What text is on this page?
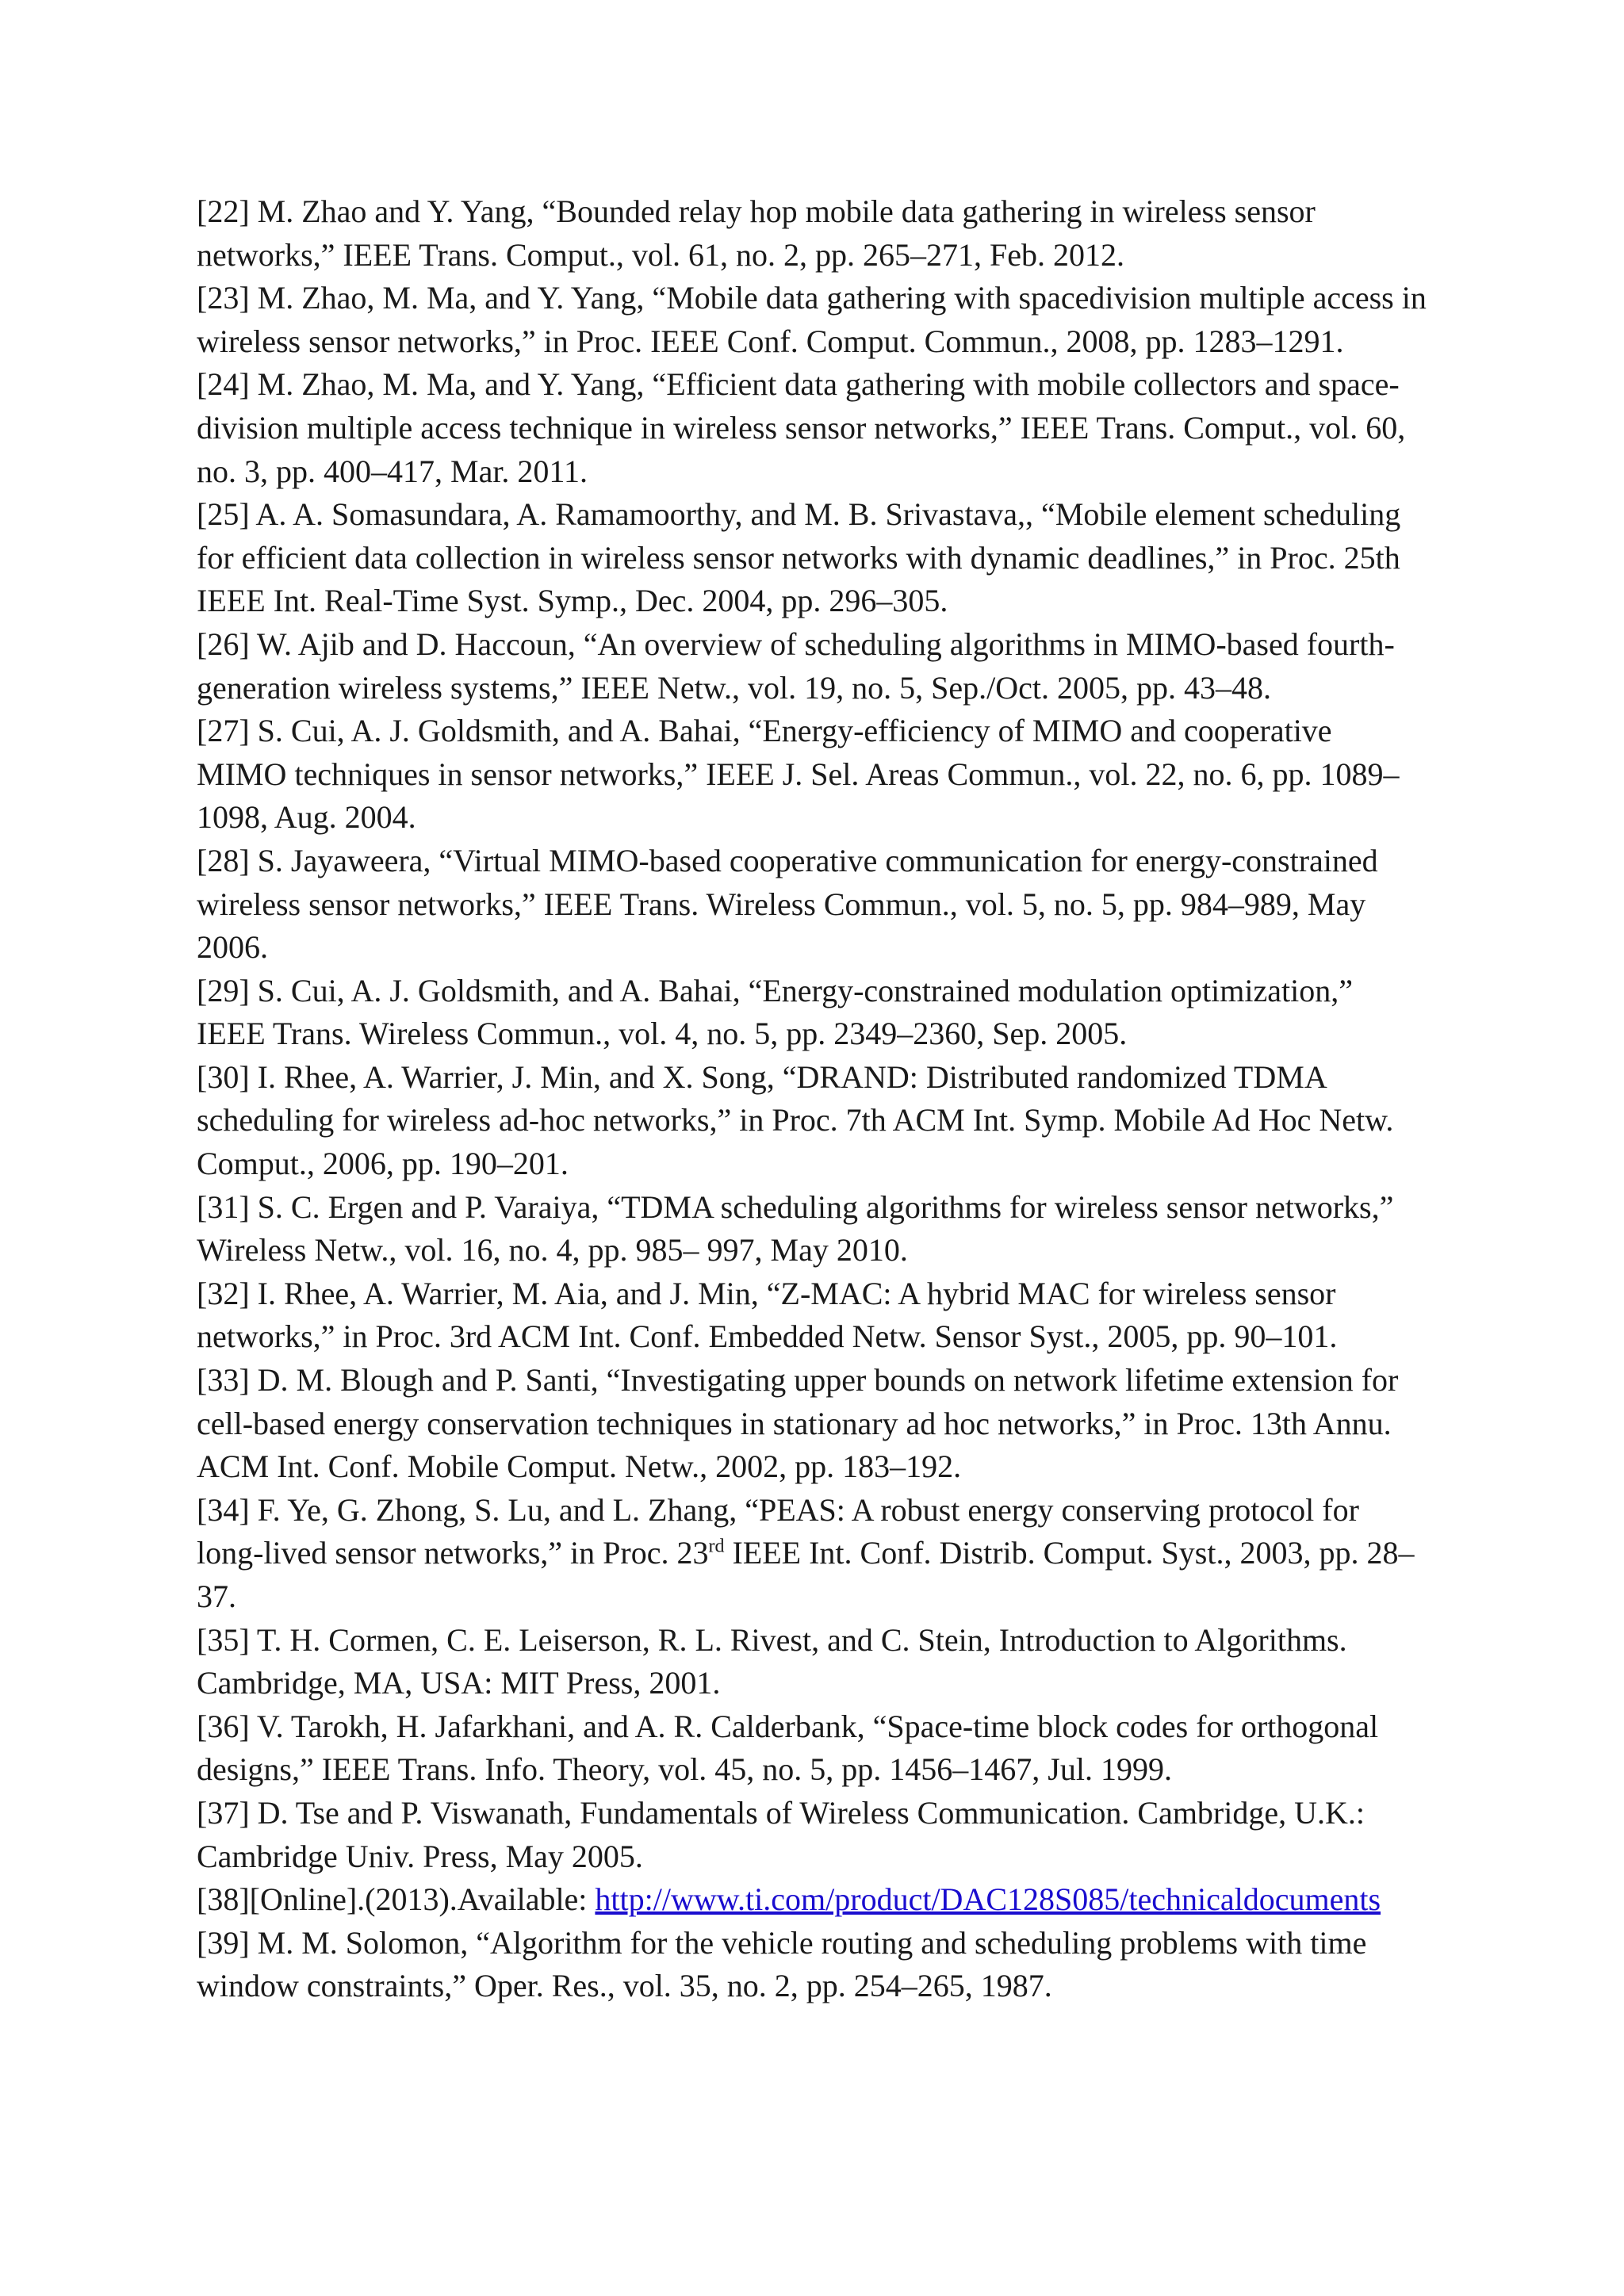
[22] M. Zhao and Y. Yang, “Bounded relay hop mobile data gathering in wireless sensor networks,” IEEE Trans. Comput., vol. 61, no. 2, pp. 265–271, Feb. 2012.

[23] M. Zhao, M. Ma, and Y. Yang, “Mobile data gathering with spacedivision multiple access in wireless sensor networks,” in Proc. IEEE Conf. Comput. Commun., 2008, pp. 1283–1291.

[24] M. Zhao, M. Ma, and Y. Yang, “Efficient data gathering with mobile collectors and space-division multiple access technique in wireless sensor networks,” IEEE Trans. Comput., vol. 60, no. 3, pp. 400–417, Mar. 2011.

[25] A. A. Somasundara, A. Ramamoorthy, and M. B. Srivastava,, “Mobile element scheduling for efficient data collection in wireless sensor networks with dynamic deadlines,” in Proc. 25th IEEE Int. Real-Time Syst. Symp., Dec. 2004, pp. 296–305.

[26] W. Ajib and D. Haccoun, “An overview of scheduling algorithms in MIMO-based fourth-generation wireless systems,” IEEE Netw., vol. 19, no. 5, Sep./Oct. 2005, pp. 43–48.

[27] S. Cui, A. J. Goldsmith, and A. Bahai, “Energy-efficiency of MIMO and cooperative MIMO techniques in sensor networks,” IEEE J. Sel. Areas Commun., vol. 22, no. 6, pp. 1089–1098, Aug. 2004.

[28] S. Jayaweera, “Virtual MIMO-based cooperative communication for energy-constrained wireless sensor networks,” IEEE Trans. Wireless Commun., vol. 5, no. 5, pp. 984–989, May 2006.

[29] S. Cui, A. J. Goldsmith, and A. Bahai, “Energy-constrained modulation optimization,” IEEE Trans. Wireless Commun., vol. 4, no. 5, pp. 2349–2360, Sep. 2005.

[30] I. Rhee, A. Warrier, J. Min, and X. Song, “DRAND: Distributed randomized TDMA scheduling for wireless ad-hoc networks,” in Proc. 7th ACM Int. Symp. Mobile Ad Hoc Netw. Comput., 2006, pp. 190–201.

[31] S. C. Ergen and P. Varaiya, “TDMA scheduling algorithms for wireless sensor networks,” Wireless Netw., vol. 16, no. 4, pp. 985– 997, May 2010.

[32] I. Rhee, A. Warrier, M. Aia, and J. Min, “Z-MAC: A hybrid MAC for wireless sensor networks,” in Proc. 3rd ACM Int. Conf. Embedded Netw. Sensor Syst., 2005, pp. 90–101.

[33] D. M. Blough and P. Santi, “Investigating upper bounds on network lifetime extension for cell-based energy conservation techniques in stationary ad hoc networks,” in Proc. 13th Annu. ACM Int. Conf. Mobile Comput. Netw., 2002, pp. 183–192.

[34] F. Ye, G. Zhong, S. Lu, and L. Zhang, “PEAS: A robust energy conserving protocol for long-lived sensor networks,” in Proc. 23rd IEEE Int. Conf. Distrib. Comput. Syst., 2003, pp. 28–37.

[35] T. H. Cormen, C. E. Leiserson, R. L. Rivest, and C. Stein, Introduction to Algorithms. Cambridge, MA, USA: MIT Press, 2001.

[36] V. Tarokh, H. Jafarkhani, and A. R. Calderbank, “Space-time block codes for orthogonal designs,” IEEE Trans. Info. Theory, vol. 45, no. 5, pp. 1456–1467, Jul. 1999.

[37] D. Tse and P. Viswanath, Fundamentals of Wireless Communication. Cambridge, U.K.: Cambridge Univ. Press, May 2005.

[38][Online].(2013).Available: http://www.ti.com/product/DAC128S085/technicaldocuments

[39] M. M. Solomon, “Algorithm for the vehicle routing and scheduling problems with time window constraints,” Oper. Res., vol. 35, no. 2, pp. 254–265, 1987.
